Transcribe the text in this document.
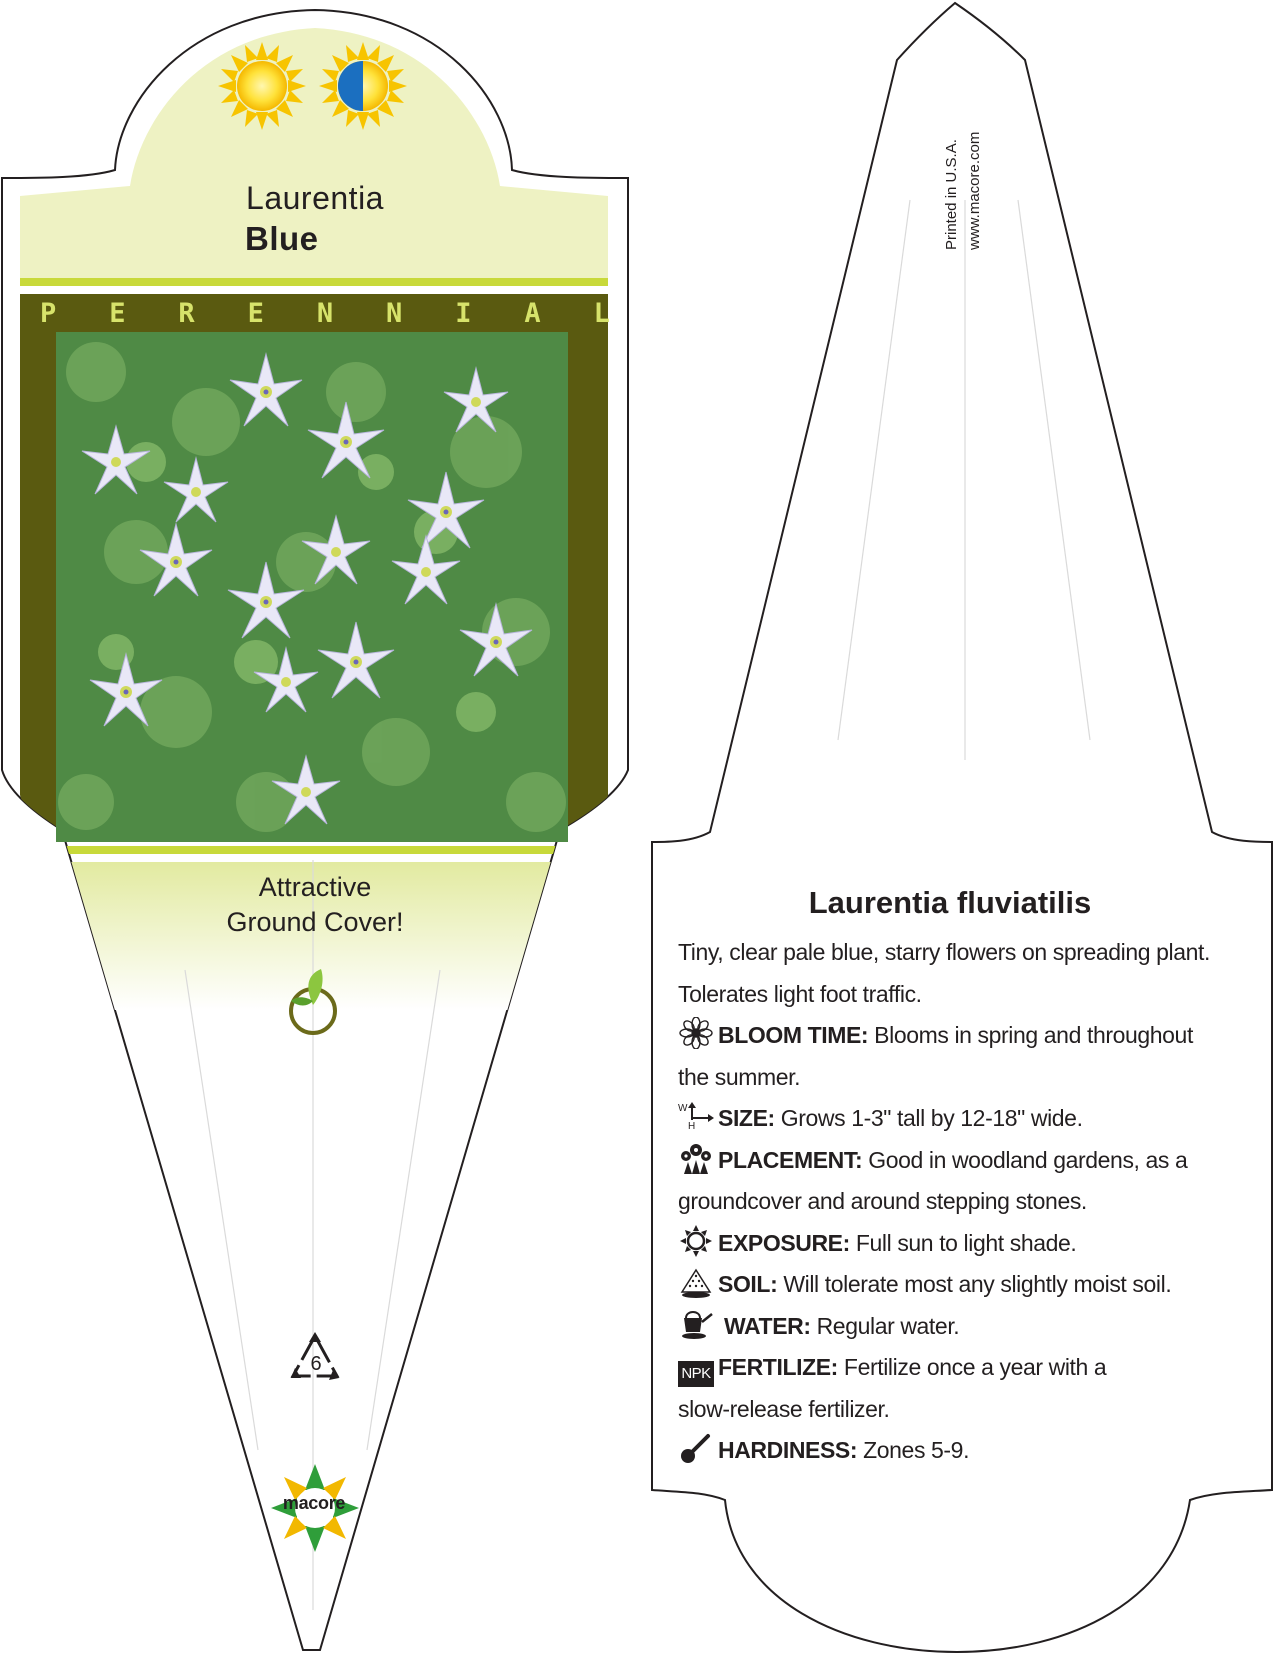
Laurentia
Blue
P E R E N N I A L
Attractive
Ground Cover!
6
macore
Printed in U.S.A. www.macore.com
Laurentia fluviatilis
Tiny, clear pale blue, starry flowers on spreading plant.
Tolerates light foot traffic.
BLOOM TIME: Blooms in spring and throughout
the summer.
W
H SIZE: Grows 1-3" tall by 12-18" wide.
PLACEMENT: Good in woodland gardens, as a
groundcover and around stepping stones.
EXPOSURE: Full sun to light shade.
SOIL: Will tolerate most any slightly moist soil.
WATER: Regular water.
NPK FERTILIZE: Fertilize once a year with a
slow-release fertilizer.
HARDINESS: Zones 5-9.
